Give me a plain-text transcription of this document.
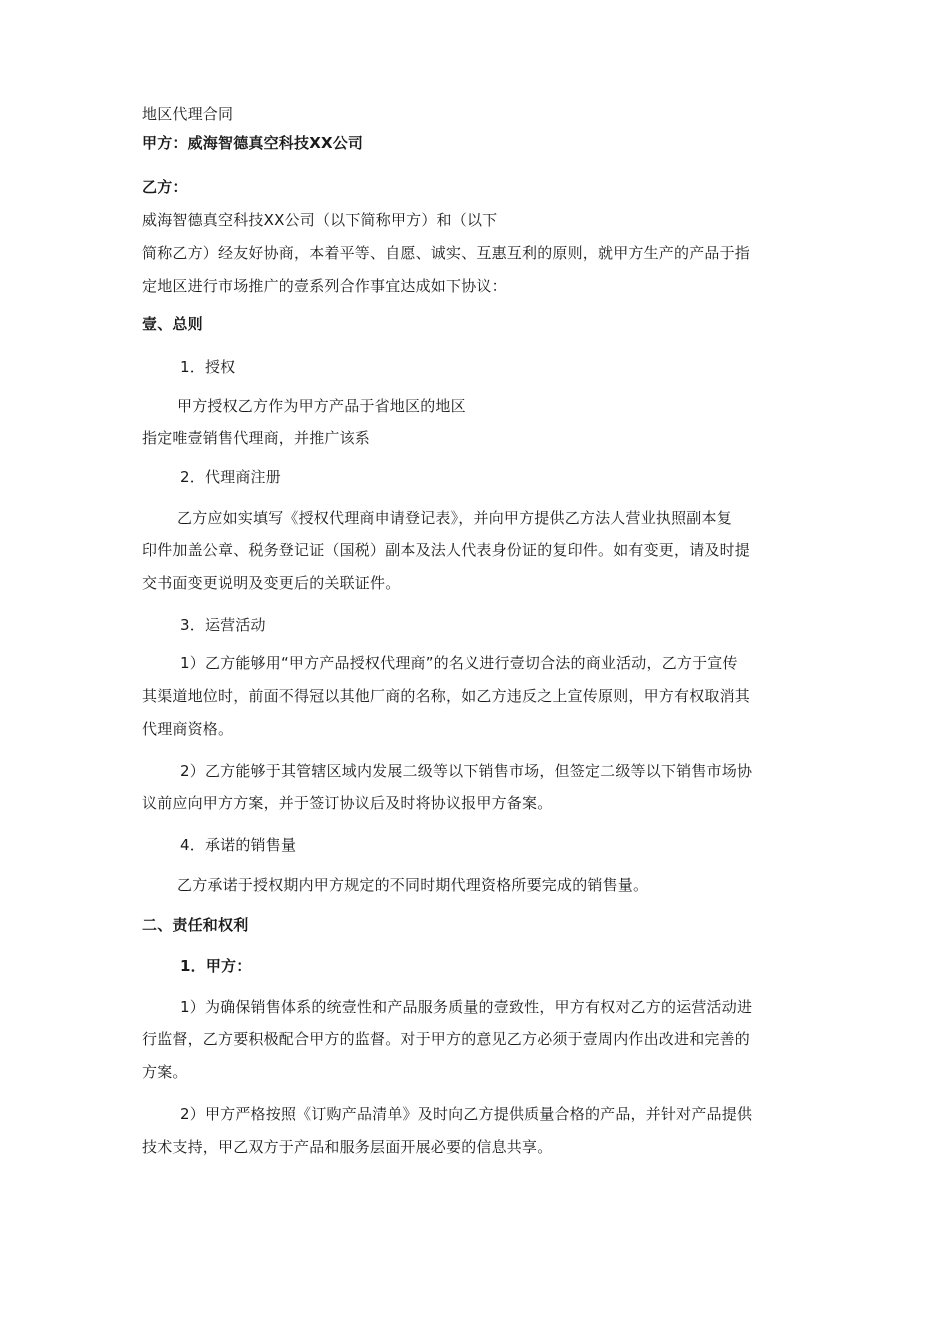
地区代理合同

甲方：威海智德真空科技XX公司

乙方：

威海智德真空科技XX公司（以下简称甲方）和（以下

简称乙方）经友好协商，本着平等、自愿、诚实、互惠互利的原则，就甲方生产的产品于指

定地区进行市场推广的壹系列合作事宜达成如下协议：

壹、总则

1．授权

甲方授权乙方作为甲方产品于省地区的地区

指定唯壹销售代理商，并推广该系

2．代理商注册

乙方应如实填写《授权代理商申请登记表》，并向甲方提供乙方法人营业执照副本复

印件加盖公章、税务登记证（国税）副本及法人代表身份证的复印件。如有变更，请及时提

交书面变更说明及变更后的关联证件。

3．运营活动

1）乙方能够用“甲方产品授权代理商”的名义进行壹切合法的商业活动，乙方于宣传

其渠道地位时，前面不得冠以其他厂商的名称，如乙方违反之上宣传原则，甲方有权取消其

代理商资格。

2）乙方能够于其管辖区域内发展二级等以下销售市场，但签定二级等以下销售市场协

议前应向甲方方案，并于签订协议后及时将协议报甲方备案。

4．承诺的销售量

乙方承诺于授权期内甲方规定的不同时期代理资格所要完成的销售量。

二、责任和权利

1．甲方：

1）为确保销售体系的统壹性和产品服务质量的壹致性，甲方有权对乙方的运营活动进

行监督，乙方要积极配合甲方的监督。对于甲方的意见乙方必须于壹周内作出改进和完善的

方案。

2）甲方严格按照《订购产品清单》及时向乙方提供质量合格的产品，并针对产品提供

技术支持，甲乙双方于产品和服务层面开展必要的信息共享。
